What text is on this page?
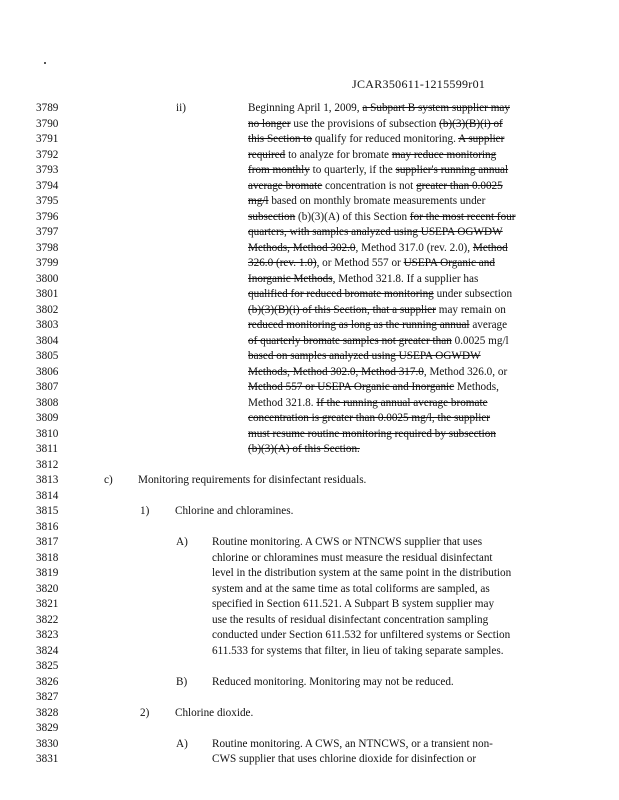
JCAR350611-1215599r01
3789	ii)	Beginning April 1, 2009, a Subpart B system supplier may
3790	no longer use the provisions of subsection (b)(3)(B)(i) of
3791	this Section to qualify for reduced monitoring. A supplier
3792	required to analyze for bromate may reduce monitoring
3793	from monthly to quarterly, if the supplier's running annual
3794	average bromate concentration is not greater than 0.0025
3795	mg/l based on monthly bromate measurements under
3796	subsection (b)(3)(A) of this Section for the most recent four
3797	quarters, with samples analyzed using USEPA OGWDW
3798	Methods, Method 302.0, Method 317.0 (rev. 2.0), Method
3799	326.0 (rev. 1.0), or Method 557 or USEPA Organic and
3800	Inorganic Methods, Method 321.8. If a supplier has
3801	qualified for reduced bromate monitoring under subsection
3802	(b)(3)(B)(i) of this Section, that a supplier may remain on
3803	reduced monitoring as long as the running annual average
3804	of quarterly bromate samples not greater than 0.0025 mg/l
3805	based on samples analyzed using USEPA OGWDW
3806	Methods, Method 302.0, Method 317.0, Method 326.0, or
3807	Method 557 or USEPA Organic and Inorganic Methods,
3808	Method 321.8. If the running annual average bromate
3809	concentration is greater than 0.0025 mg/l, the supplier
3810	must resume routine monitoring required by subsection
3811	(b)(3)(A) of this Section.
3812
3813	c) Monitoring requirements for disinfectant residuals.
3814
3815	1) Chlorine and chloramines.
3816
3817	A) Routine monitoring. A CWS or NTNCWS supplier that uses
3818	chlorine or chloramines must measure the residual disinfectant
3819	level in the distribution system at the same point in the distribution
3820	system and at the same time as total coliforms are sampled, as
3821	specified in Section 611.521. A Subpart B system supplier may
3822	use the results of residual disinfectant concentration sampling
3823	conducted under Section 611.532 for unfiltered systems or Section
3824	611.533 for systems that filter, in lieu of taking separate samples.
3825
3826	B) Reduced monitoring. Monitoring may not be reduced.
3827
3828	2) Chlorine dioxide.
3829
3830	A) Routine monitoring. A CWS, an NTNCWS, or a transient non-
3831	CWS supplier that uses chlorine dioxide for disinfection or
